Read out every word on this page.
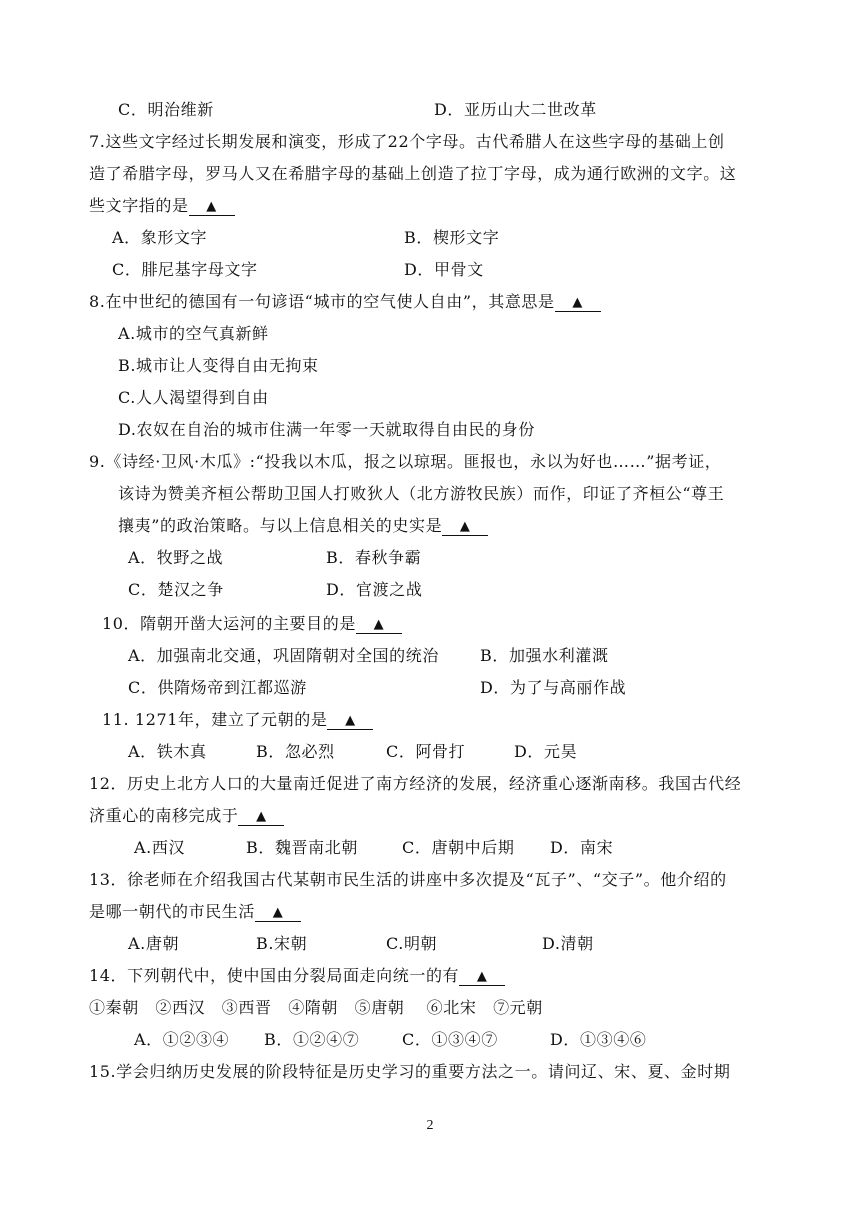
C．明治维新	D．亚历山大二世改革
7.这些文字经过长期发展和演变，形成了22个字母。古代希腊人在这些字母的基础上创
造了希腊字母，罗马人又在希腊字母的基础上创造了拉丁字母，成为通行欧洲的文字。这
些文字指的是 ▲
A．象形文字	B．楔形文字
C．腓尼基字母文字	D．甲骨文
8.在中世纪的德国有一句谚语“城市的空气使人自由”，其意思是 ▲
A.城市的空气真新鲜
B.城市让人变得自由无拘束
C.人人渴望得到自由
D.农奴在自治的城市住满一年零一天就取得自由民的身份
9.《诗经·卫风·木瓜》:“投我以木瓜，报之以琼琚。匪报也，永以为好也……”据考证，
该诗为赞美齐桓公帮助卫国人打败狄人（北方游牧民族）而作，印证了齐桓公“尊王
攘夷”的政治策略。与以上信息相关的史实是 ▲
A．牧野之战	B．春秋争霸
C．楚汉之争	D．官渡之战
10．隋朝开凿大运河的主要目的是 ▲
A．加强南北交通，巩固隋朝对全国的统治	B．加强水利灌溉
C．供隋炀帝到江都巡游	D．为了与高丽作战
11. 1271年，建立了元朝的是 ▲
A．铁木真	B．忽必烈	C．阿骨打	D．元昊
12．历史上北方人口的大量南迁促进了南方经济的发展，经济重心逐渐南移。我国古代经
济重心的南移完成于 ▲
A.西汉	B．魏晋南北朝	C．唐朝中后期 D．南宋
13．徐老师在介绍我国古代某朝市民生活的讲座中多次提及“瓦子”、“交子”。他介绍的
是哪一朝代的市民生活 ▲
A.唐朝	B.宋朝	C.明朝	D.清朝
14．下列朝代中，使中国由分裂局面走向统一的有 ▲
①秦朝　②西汉　③西晋　④隋朝　⑤唐朝　 ⑥北宋　⑦元朝
A．①②③④ B．①②④⑦	C．①③④⑦	D．①③④⑥
15.学会归纳历史发展的阶段特征是历史学习的重要方法之一。请问辽、宋、夏、金时期
2
